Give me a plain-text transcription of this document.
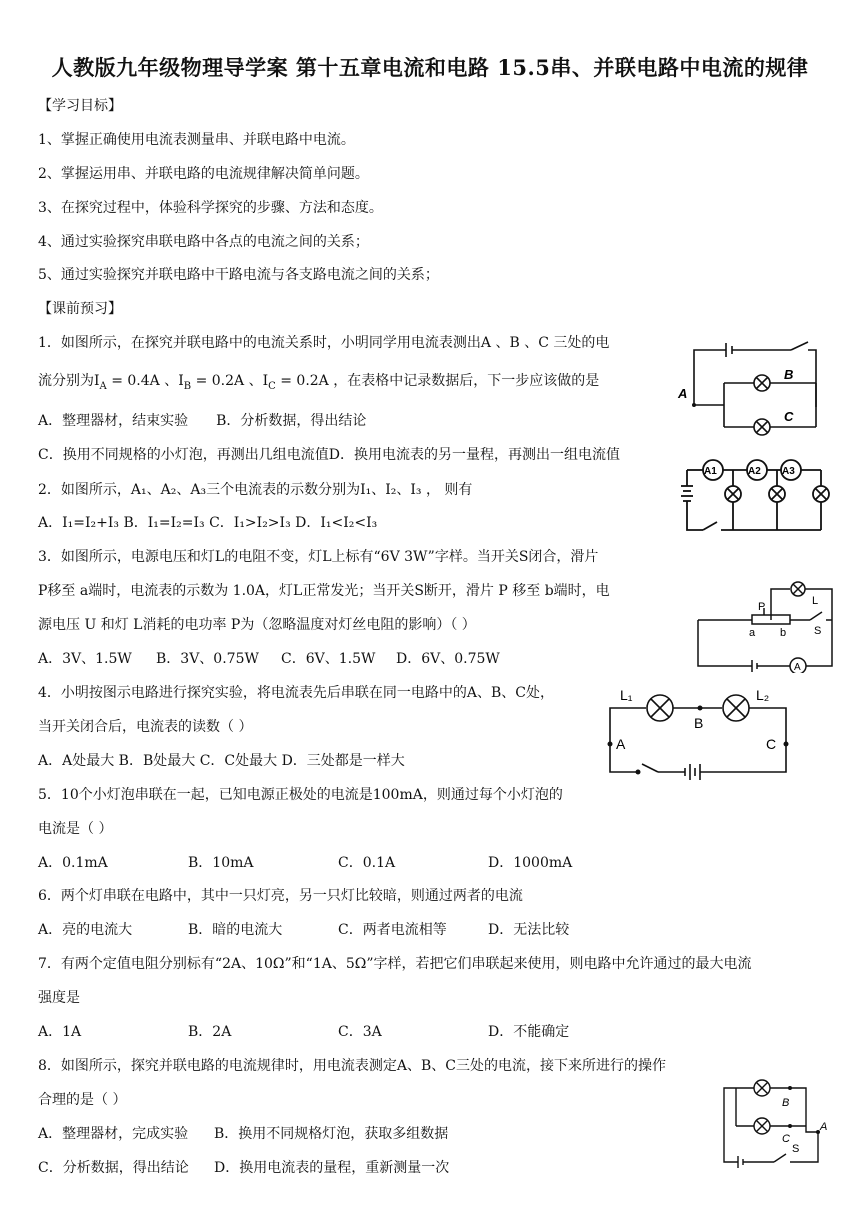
人教版九年级物理导学案 第十五章电流和电路 15.5串、并联电路中电流的规律
【学习目标】
1、掌握正确使用电流表测量串、并联电路中电流。
2、掌握运用串、并联电路的电流规律解决简单问题。
3、在探究过程中，体验科学探究的步骤、方法和态度。
4、通过实验探究串联电路中各点的电流之间的关系；
5、通过实验探究并联电路中干路电流与各支路电流之间的关系；
【课前预习】
1．如图所示，在探究并联电路中的电流关系时，小明同学用电流表测出A 、B 、C 三处的电
流分别为$I_A = 0.4A$ 、$I_B = 0.2A$ 、$I_C = 0.2A$ ，在表格中记录数据后，下一步应该做的是
A．整理器材，结束实验 B．分析数据，得出结论
C．换用不同规格的小灯泡，再测出几组电流值D．换用电流表的另一量程，再测出一组电流值
A
B
C
2．如图所示，A₁、A₂、A₃三个电流表的示数分别为I₁、I₂、I₃ ， 则有
A．I₁=I₂+I₃ B．I₁=I₂=I₃ C．I₁>I₂>I₃ D．I₁<I₂<I₃
A1	A2 A3
3．如图所示，电源电压和灯L的电阻不变，灯L上标有“6V 3W”字样。当开关S闭合，滑片
P移至 a端时，电流表的示数为 1.0A，灯L正常发光；当开关S断开，滑片 P 移至 b端时，电
源电压 U 和灯 L消耗的电功率 P为（忽略温度对灯丝电阻的影响）（ ）
A．3V、1.5W B．3V、0.75W C．6V、1.5W D．6V、0.75W
P	L
a b	S
A
4．小明按图示电路进行探究实验，将电流表先后串联在同一电路中的A、B、C处，
当开关闭合后，电流表的读数（ ）
A．A处最大 B．B处最大 C．C处最大 D．三处都是一样大
L₁	L₂
B
A	C
5．10个小灯泡串联在一起，已知电源正极处的电流是100mA，则通过每个小灯泡的
电流是（ ）
A．0.1mA	B．10mA	C．0.1A	D．1000mA
6．两个灯串联在电路中，其中一只灯亮，另一只灯比较暗，则通过两者的电流
A．亮的电流大	B．暗的电流大	C．两者电流相等	D．无法比较
7．有两个定值电阻分别标有“2A、10Ω”和“1A、5Ω”字样，若把它们串联起来使用，则电路中允许通过的最大电流
强度是
A．1A	B．2A	C．3A	D．不能确定
8．如图所示，探究并联电路的电流规律时，用电流表测定A、B、C三处的电流，接下来所进行的操作
合理的是（ ）
A．整理器材，完成实验 B．换用不同规格灯泡，获取多组数据
C．分析数据，得出结论 D．换用电流表的量程，重新测量一次
B
C
A
S
